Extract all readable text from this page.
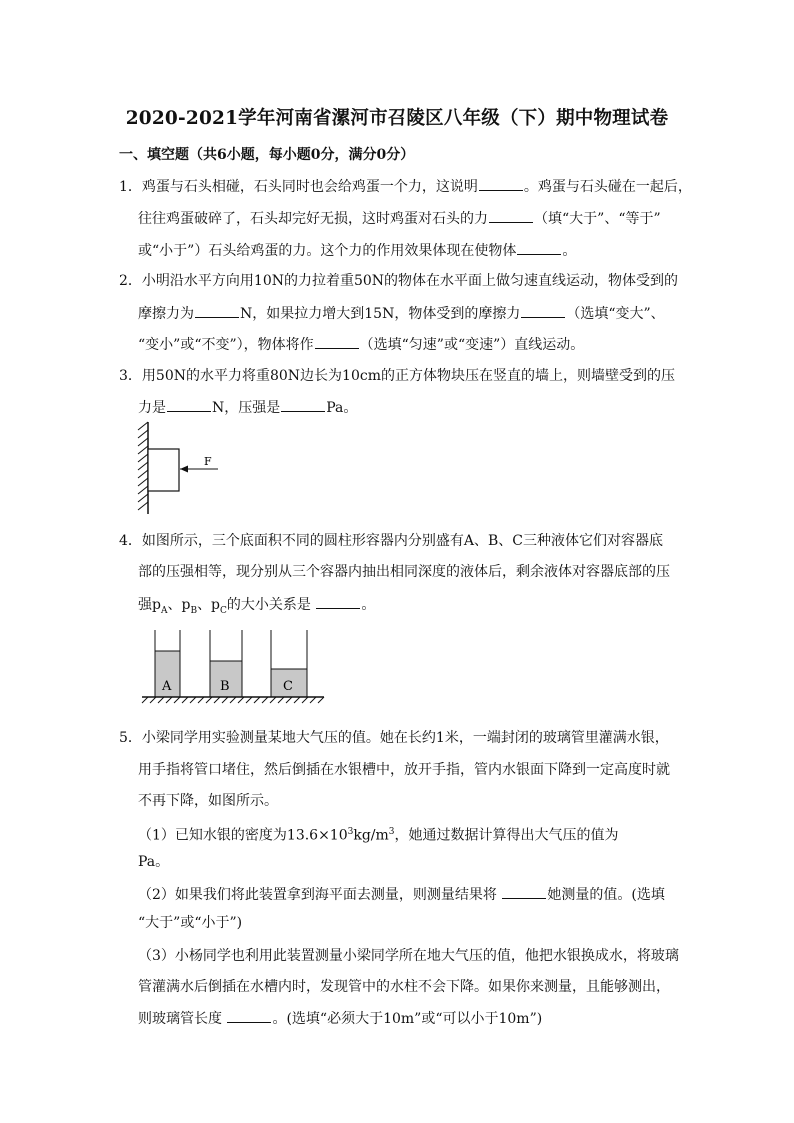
2020-2021学年河南省漯河市召陵区八年级（下）期中物理试卷
一、填空题（共6小题，每小题0分，满分0分）
1．鸡蛋与石头相碰，石头同时也会给鸡蛋一个力，这说明	。鸡蛋与石头碰在一起后，
往往鸡蛋破碎了，石头却完好无损，这时鸡蛋对石头的力	（填“大于”、“等于”
或“小于”）石头给鸡蛋的力。这个力的作用效果体现在使物体	。
2．小明沿水平方向用10N的力拉着重50N的物体在水平面上做匀速直线运动，物体受到的
摩擦力为	N，如果拉力增大到15N，物体受到的摩擦力	（选填“变大”、
“变小”或“不变”），物体将作	（选填“匀速”或“变速”）直线运动。
3．用50N的水平力将重80N边长为10cm的正方体物块压在竖直的墙上，则墙壁受到的压
力是	N，压强是	Pa。
F
4．如图所示，三个底面积不同的圆柱形容器内分别盛有A、B、C三种液体它们对容器底
部的压强相等，现分别从三个容器内抽出相同深度的液体后，剩余液体对容器底部的压
强$p_A$、$p_B$、$p_C$的大小关系是	。
A	B	C
5．小梁同学用实验测量某地大气压的值。她在长约1米，一端封闭的玻璃管里灌满水银，
用手指将管口堵住，然后倒插在水银槽中，放开手指，管内水银面下降到一定高度时就
不再下降，如图所示。
（1）已知水银的密度为$13.6\times 10^3kg/m^3$，她通过数据计算得出大气压的值为
Pa。
（2）如果我们将此装置拿到海平面去测量，则测量结果将	她测量的值。(选填
“大于”或“小于”)
（3）小杨同学也利用此装置测量小梁同学所在地大气压的值，他把水银换成水，将玻璃
管灌满水后倒插在水槽内时，发现管中的水柱不会下降。如果你来测量，且能够测出，
则玻璃管长度	。(选填“必须大于10m”或“可以小于10m”)
